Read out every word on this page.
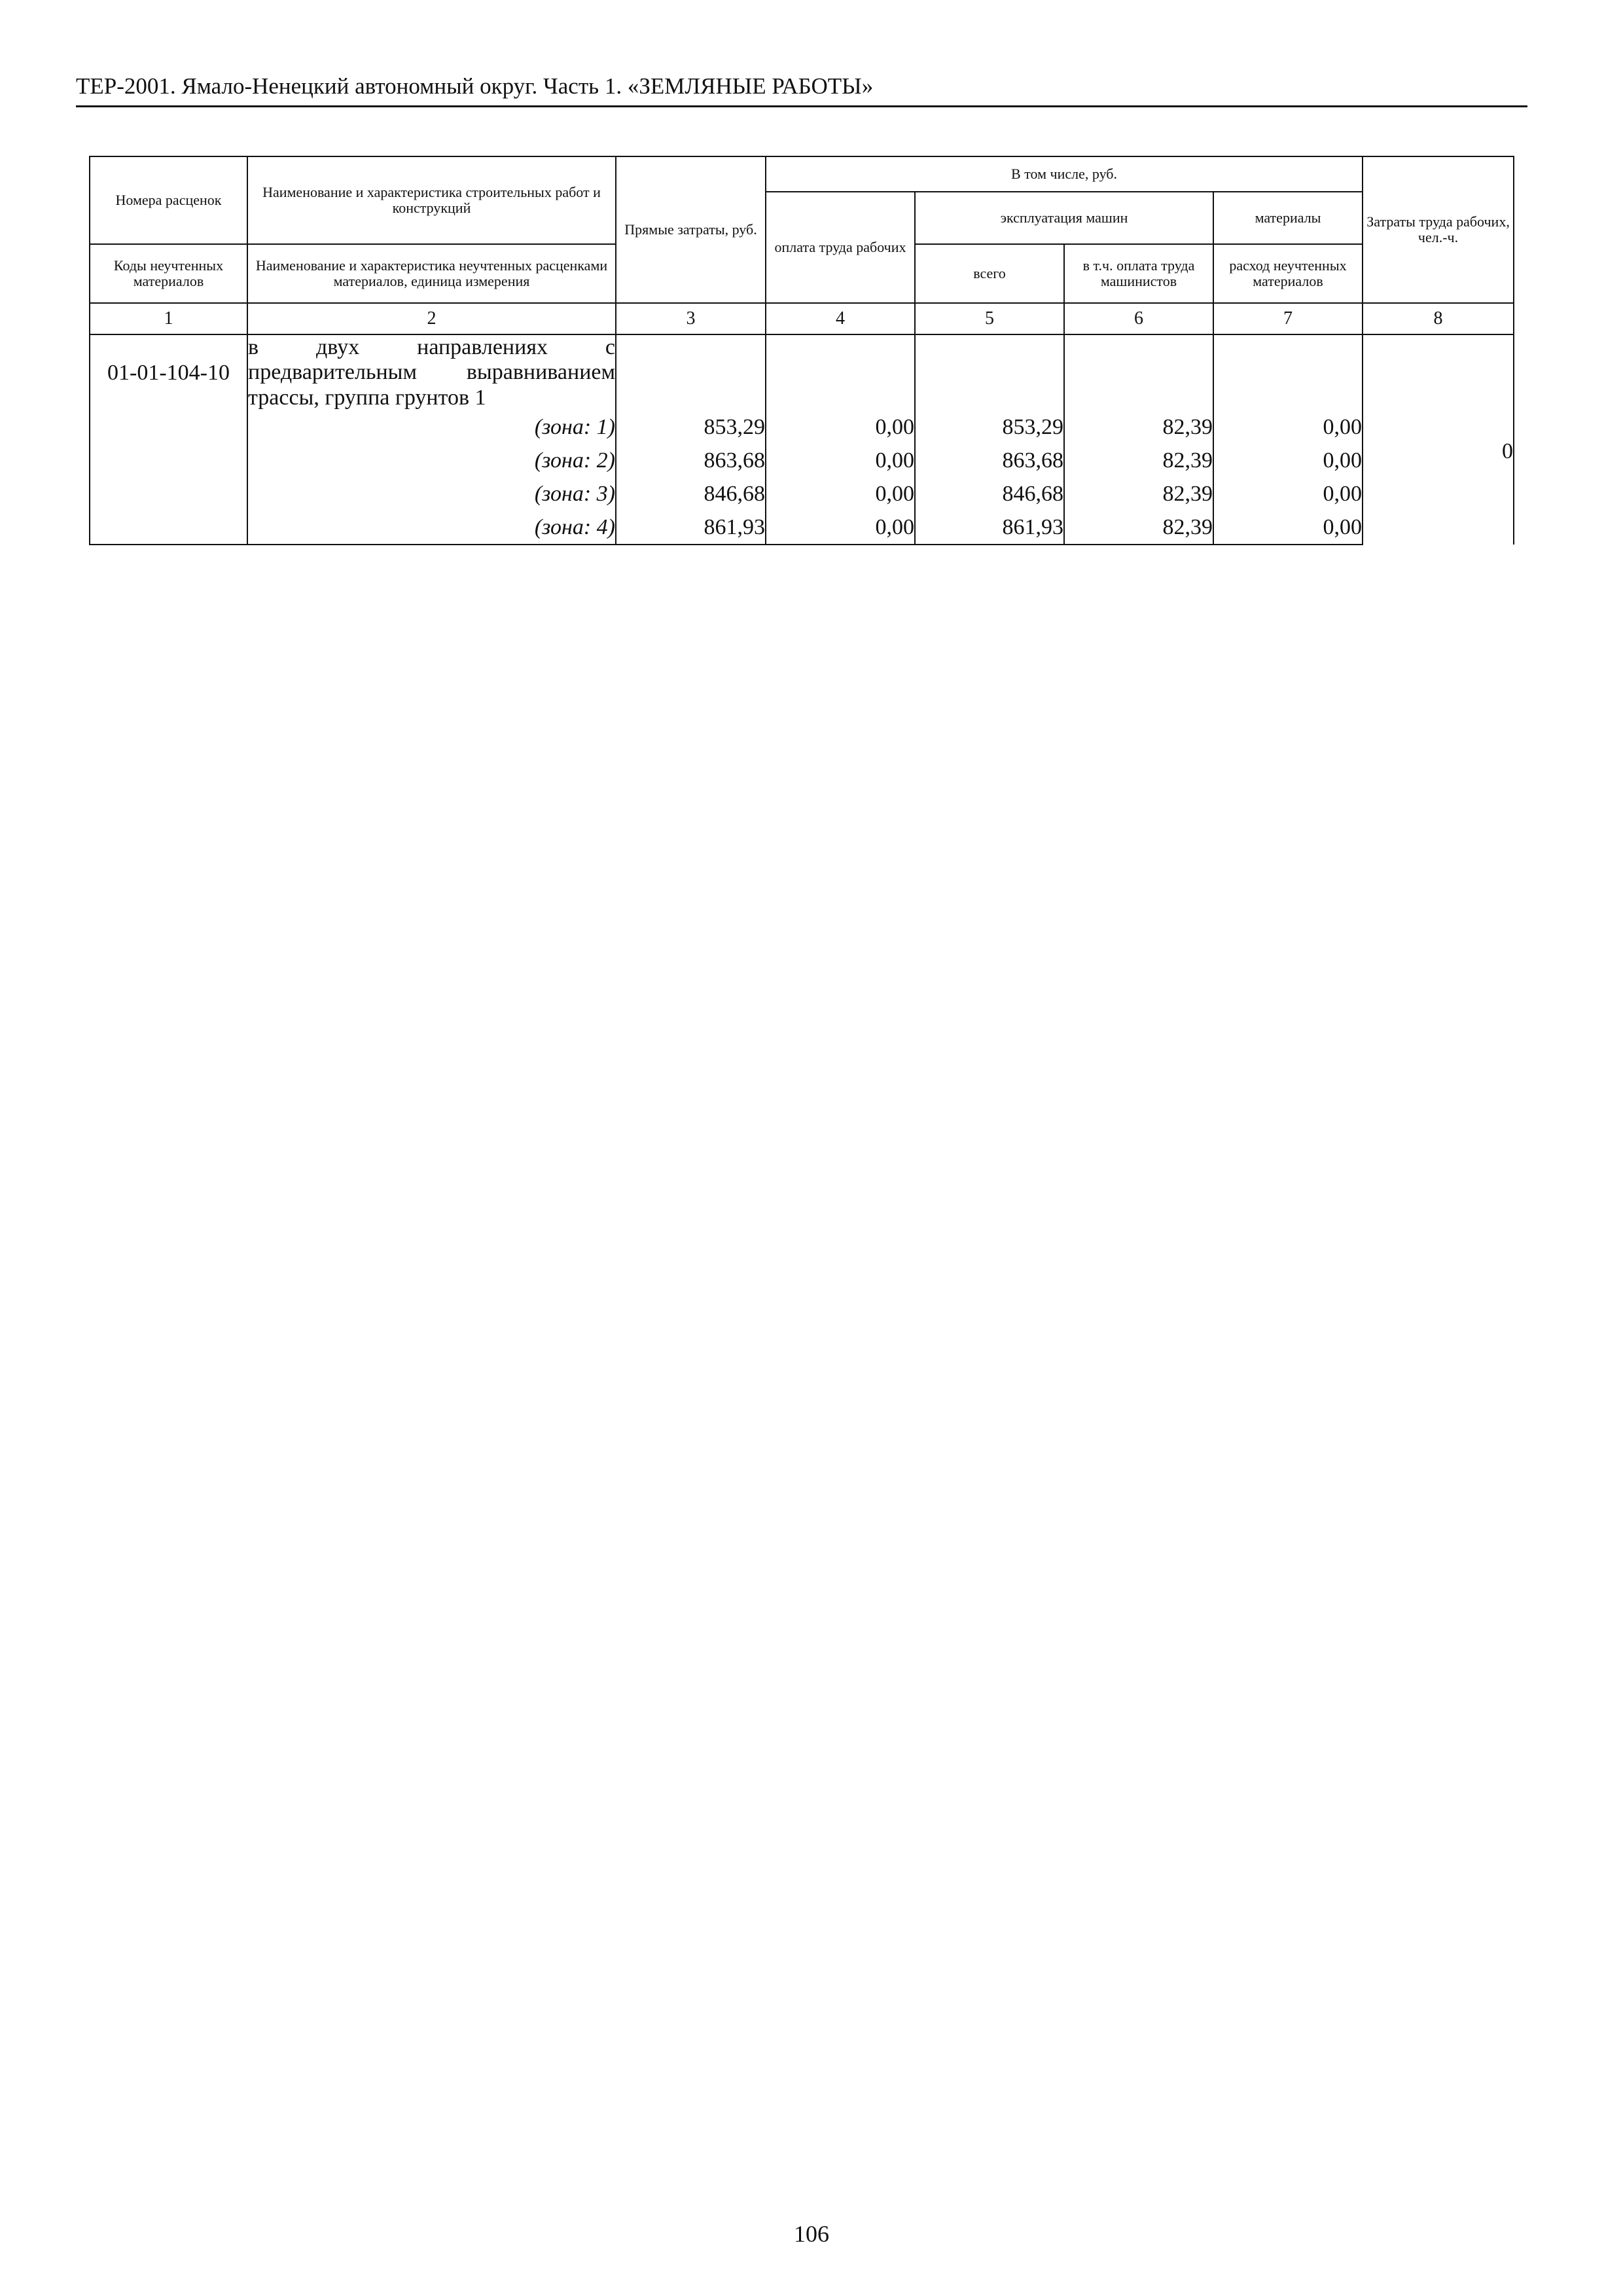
ТЕР-2001. Ямало-Ненецкий автономный округ. Часть 1. «ЗЕМЛЯНЫЕ РАБОТЫ»
Номера расценок	Наименование и характеристика строительных работ и конструкций	Прямые затраты, руб.	В том числе, руб.				Затраты труда рабочих, чел.-ч.
			оплата труда рабочих	эксплуатация машин		материалы	
Коды неучтенных материалов	Наименование и характеристика неучтенных расценками материалов, единица измерения			всего	в т.ч. оплата труда машинистов	расход неучтенных материалов	

1	2	3	4	5	6	7	8
01-01-104-10	в двух направлениях с предварительным выравниванием трассы, группа грунтов 1						0
	(зона: 1)	853,29	0,00	853,29	82,39	0,00	
	(зона: 2)	863,68	0,00	863,68	82,39	0,00	
	(зона: 3)	846,68	0,00	846,68	82,39	0,00	
	(зона: 4)	861,93	0,00	861,93	82,39	0,00	
106
